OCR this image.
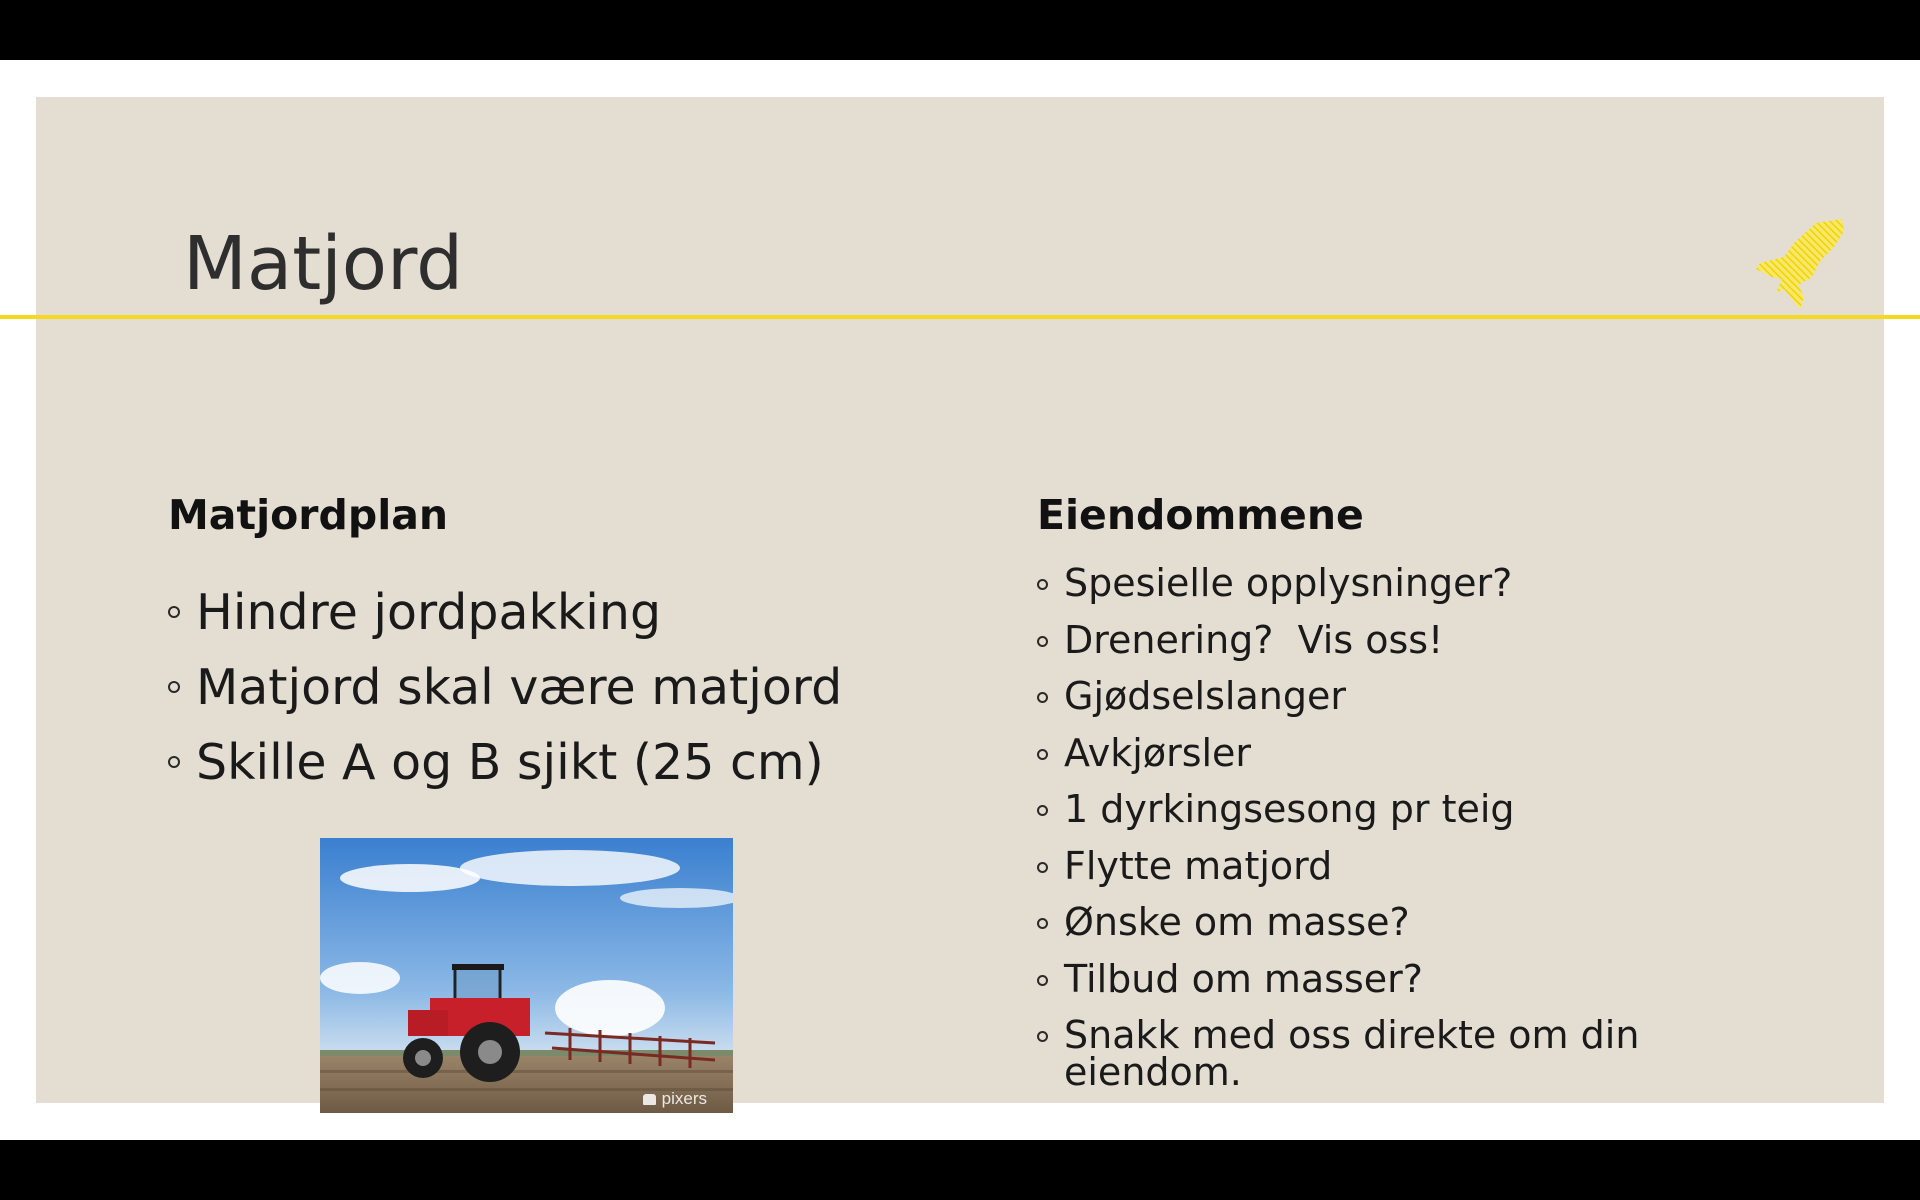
Matjord
Matjordplan
Hindre jordpakking
Matjord skal være matjord
Skille A og B sjikt (25 cm)
pixers
Eiendommene
Spesielle opplysninger?
Drenering?  Vis oss!
Gjødselslanger
Avkjørsler
1 dyrkingsesong pr teig
Flytte matjord
Ønske om masse?
Tilbud om masser?
Snakk med oss direkte om din eiendom.
